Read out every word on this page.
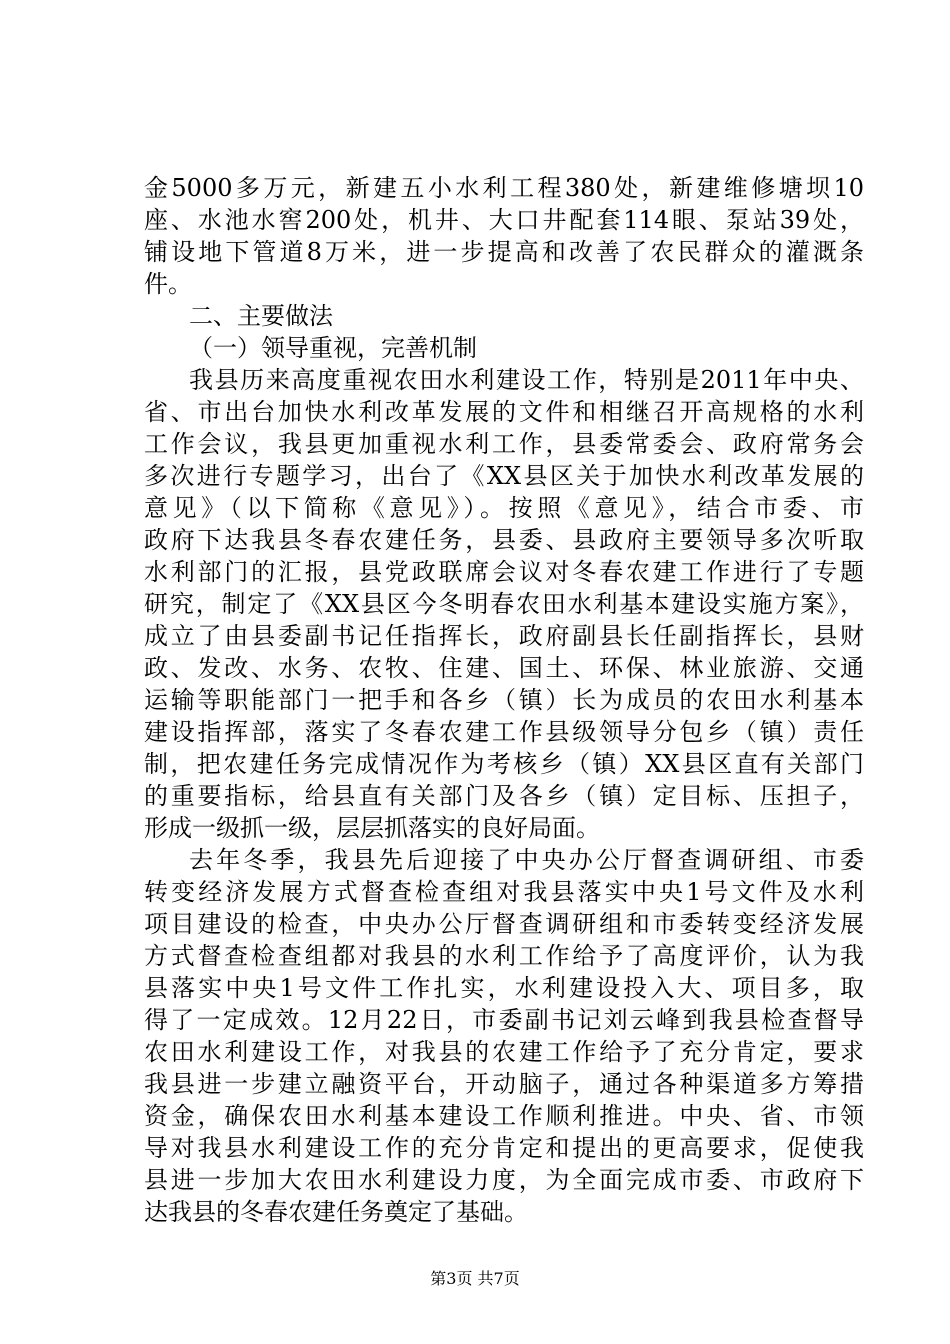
金5000多万元，新建五小水利工程380处，新建维修塘坝10
座、水池水窖200处，机井、大口井配套114眼、泵站39处，
铺设地下管道8万米，进一步提高和改善了农民群众的灌溉条
件。
二、主要做法
（一）领导重视，完善机制
我县历来高度重视农田水利建设工作，特别是2011年中央、
省、市出台加快水利改革发展的文件和相继召开高规格的水利
工作会议，我县更加重视水利工作，县委常委会、政府常务会
多次进行专题学习，出台了《XX县区关于加快水利改革发展的
意见》（以下简称《意见》）。按照《意见》，结合市委、市
政府下达我县冬春农建任务，县委、县政府主要领导多次听取
水利部门的汇报，县党政联席会议对冬春农建工作进行了专题
研究，制定了《XX县区今冬明春农田水利基本建设实施方案》，
成立了由县委副书记任指挥长，政府副县长任副指挥长，县财
政、发改、水务、农牧、住建、国土、环保、林业旅游、交通
运输等职能部门一把手和各乡（镇）长为成员的农田水利基本
建设指挥部，落实了冬春农建工作县级领导分包乡（镇）责任
制，把农建任务完成情况作为考核乡（镇）XX县区直有关部门
的重要指标，给县直有关部门及各乡（镇）定目标、压担子，
形成一级抓一级，层层抓落实的良好局面。
去年冬季，我县先后迎接了中央办公厅督查调研组、市委
转变经济发展方式督查检查组对我县落实中央1号文件及水利
项目建设的检查，中央办公厅督查调研组和市委转变经济发展
方式督查检查组都对我县的水利工作给予了高度评价，认为我
县落实中央1号文件工作扎实，水利建设投入大、项目多，取
得了一定成效。12月22日，市委副书记刘云峰到我县检查督导
农田水利建设工作，对我县的农建工作给予了充分肯定，要求
我县进一步建立融资平台，开动脑子，通过各种渠道多方筹措
资金，确保农田水利基本建设工作顺利推进。中央、省、市领
导对我县水利建设工作的充分肯定和提出的更高要求，促使我
县进一步加大农田水利建设力度，为全面完成市委、市政府下
达我县的冬春农建任务奠定了基础。
第3页 共7页
